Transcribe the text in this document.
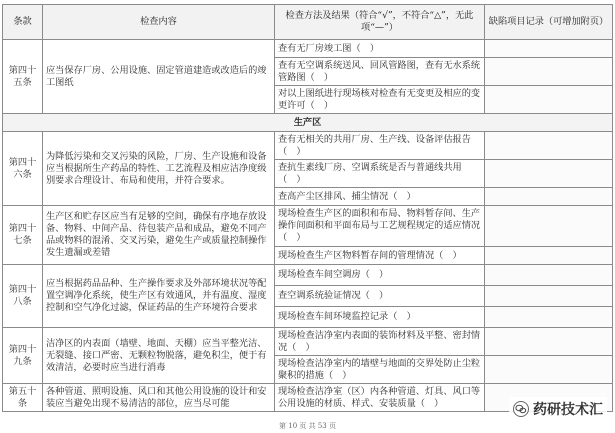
条款	检查内容	检查方法及结果（符合“√”，不符合“△”，无此项“—”）	缺陷项目记录（可增加附页）
第四十五条	应当保存厂房、公用设施、固定管道建造或改造后的竣工图纸	查有无厂房竣工图（　）	
		查有无空调系统送风、回风管路图，查有无水系统管路图（　）	
		对以上图纸进行现场核对检查有无变更及相应的变更许可（　）	
生产区			
第四十六条	为降低污染和交叉污染的风险，厂房、生产设施和设备应当根据所生产药品的特性、工艺流程及相应洁净度级别要求合理设计、布局和使用，并符合要求。	查有无相关的共用厂房、生产线、设备评估报告（　）	
		查抗生素线厂房、空调系统是否与普通线共用（　）	
		查高产尘区排风、捕尘情况（　）	
第四十七条	生产区和贮存区应当有足够的空间，确保有序地存放设备、物料、中间产品、待包装产品和成品，避免不同产品或物料的混淆、交叉污染，避免生产或质量控制操作发生遗漏或差错	现场检查生产区的面积和布局、物料暂存间、生产操作间面积和平面布局与工艺规程规定的适应情况（　）	
		现场检查生产区物料暂存间的管理情况（　）	
第四十八条	应当根据药品品种、生产操作要求及外部环境状况等配置空调净化系统，使生产区有效通风，并有温度、湿度控制和空气净化过滤，保证药品的生产环境符合要求	现场检查车间空调房（　）	
		查空调系统验证情况（　）	
		现场检查车间环境监控记录（　）	
第四十九条	洁净区的内表面（墙壁、地面、天棚）应当平整光洁、无裂缝、接口严密、无颗粒物脱落，避免积尘，便于有效清洁，必要时应当进行消毒	现场检查洁净室内表面的装饰材料及平整、密封情况（　）	
		现场检查洁净室内的墙壁与地面的交界处防止尘粒聚积的措施（　）	
第五十条	各种管道、照明设施、风口和其他公用设施的设计和安装应当避免出现不易清洁的部位，应当尽可能	现场检查洁净室（区）内各种管道、灯具、风口等公用设施的材质、样式、安装质量（　）	
第 10 页 共 53 页
药研技术汇
